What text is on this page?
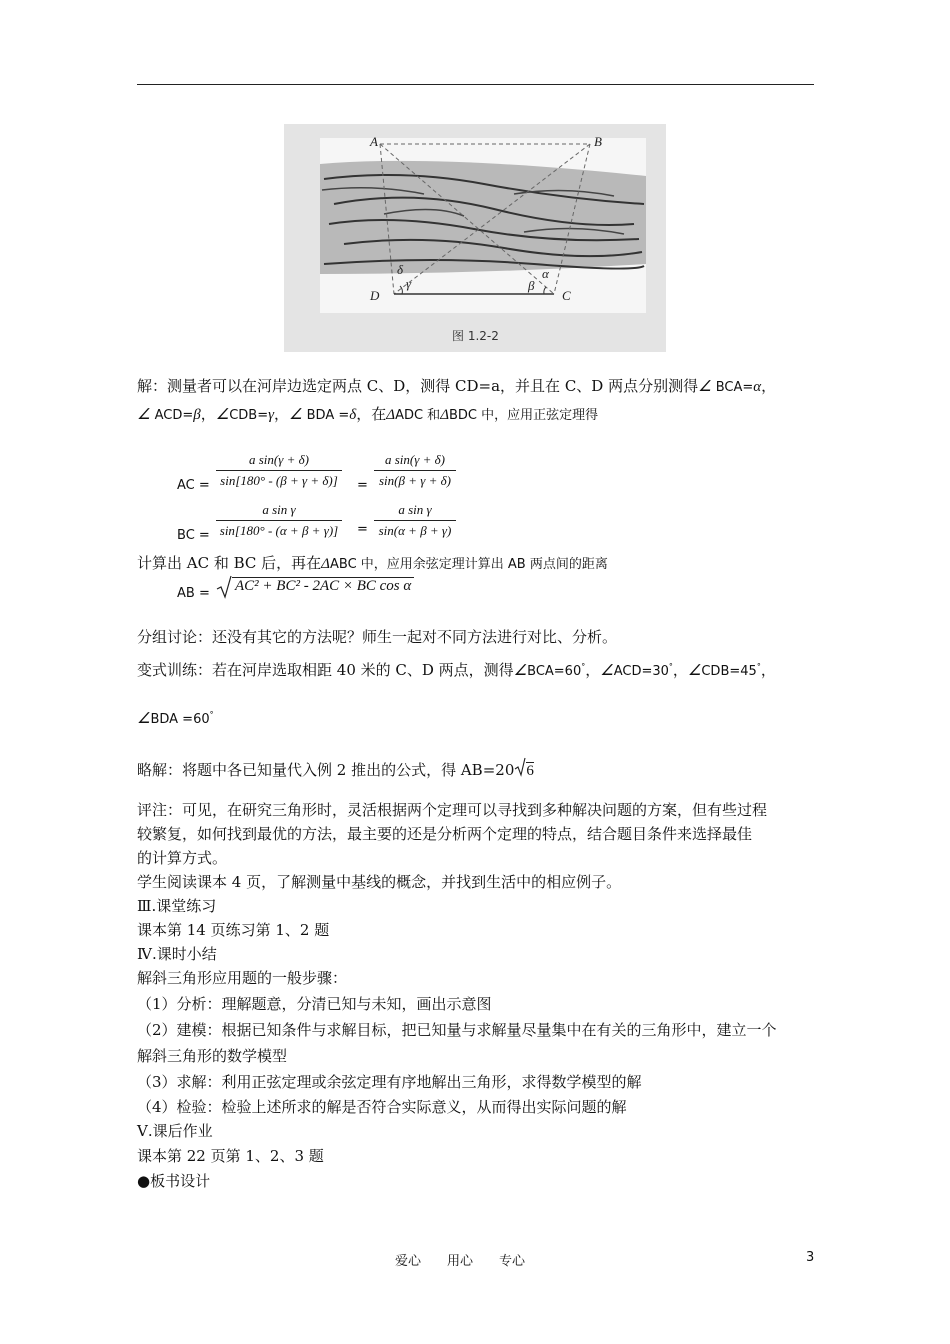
A	B
D	C
δ
γ
α
β
图 1.2-2
解：测量者可以在河岸边选定两点 C、D，测得 CD=a，并且在 C、D 两点分别测得∠ BCA=α，
∠ ACD=β，∠CDB=γ，∠ BDA =δ，在ΔADC 和ΔBDC 中，应用正弦定理得
AC =
a sin(γ + δ)
sin[180° - (β + γ + δ)]	=
a sin(γ + δ)
sin(β + γ + δ)
BC =
a sin γ
sin[180° - (α + β + γ)] =
a sin γ
sin(α + β + γ)
计算出 AC 和 BC 后，再在ΔABC 中，应用余弦定理计算出 AB 两点间的距离
AB =	AC² + BC² - 2AC × BC cos α
分组讨论：还没有其它的方法呢？师生一起对不同方法进行对比、分析。
变式训练：若在河岸选取相距 40 米的 C、D 两点，测得∠BCA=60°，∠ACD=30°，∠CDB=45°，
∠BDA =60°
略解：将题中各已知量代入例 2 推出的公式，得 AB=20 6
评注：可见，在研究三角形时，灵活根据两个定理可以寻找到多种解决问题的方案，但有些过程
较繁复，如何找到最优的方法，最主要的还是分析两个定理的特点，结合题目条件来选择最佳
的计算方式。
学生阅读课本 4 页，了解测量中基线的概念，并找到生活中的相应例子。
Ⅲ.课堂练习
课本第 14 页练习第 1、2 题
Ⅳ.课时小结
解斜三角形应用题的一般步骤：
（1）分析：理解题意，分清已知与未知，画出示意图
（2）建模：根据已知条件与求解目标，把已知量与求解量尽量集中在有关的三角形中，建立一个
解斜三角形的数学模型
（3）求解：利用正弦定理或余弦定理有序地解出三角形，求得数学模型的解
（4）检验：检验上述所求的解是否符合实际意义，从而得出实际问题的解
Ⅴ.课后作业
课本第 22 页第 1、2、3 题
●板书设计
爱心　　用心　　专心	3
